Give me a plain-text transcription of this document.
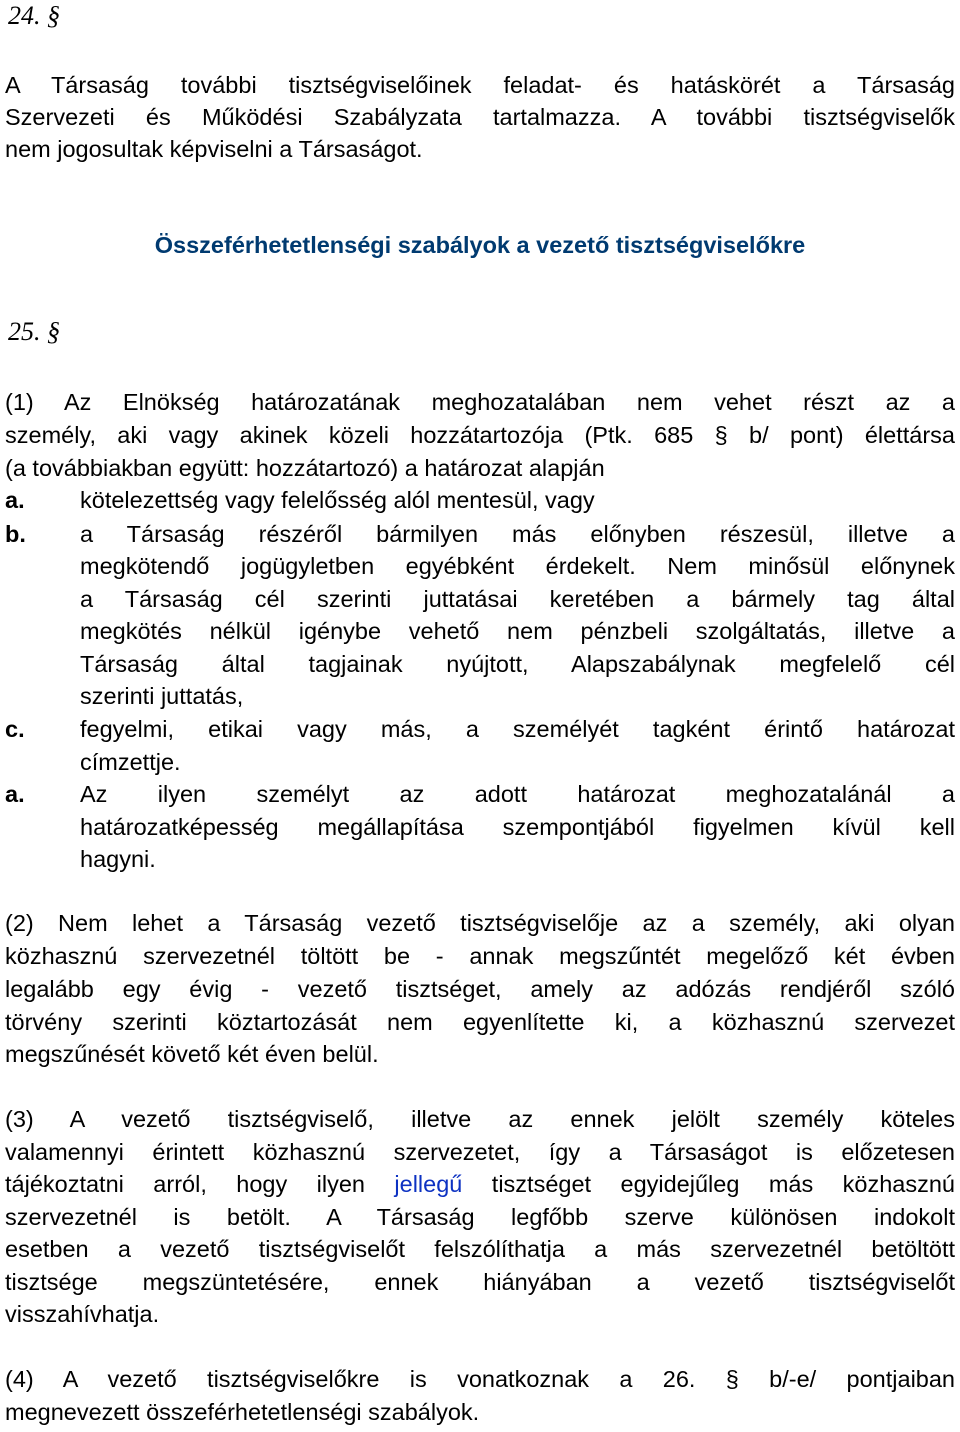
24. §
A Társaság további tisztségviselőinek feladat- és hatáskörét a Társaság
Szervezeti és Működési Szabályzata tartalmazza. A további tisztségviselők
nem jogosultak képviselni a Társaságot.
Összeférhetetlenségi szabályok a vezető tisztségviselőkre
25. §
(1) Az Elnökség határozatának meghozatalában nem vehet részt az a
személy, aki vagy akinek közeli hozzátartozója (Ptk. 685 § b/ pont) élettársa
(a továbbiakban együtt: hozzátartozó) a határozat alapján
a. kötelezettség vagy felelősség alól mentesül, vagy
b. a Társaság részéről bármilyen más előnyben részesül, illetve a
megkötendő jogügyletben egyébként érdekelt. Nem minősül előnynek
a Társaság cél szerinti juttatásai keretében a bármely tag által
megkötés nélkül igénybe vehető nem pénzbeli szolgáltatás, illetve a
Társaság által tagjainak nyújtott, Alapszabálynak megfelelő cél
szerinti juttatás,
c. fegyelmi, etikai vagy más, a személyét tagként érintő határozat
címzettje.
a. Az ilyen személyt az adott határozat meghozatalánál a
határozatképesség megállapítása szempontjából figyelmen kívül kell
hagyni.
(2) Nem lehet a Társaság vezető tisztségviselője az a személy, aki olyan
közhasznú szervezetnél töltött be - annak megszűntét megelőző két évben
legalább egy évig - vezető tisztséget, amely az adózás rendjéről szóló
törvény szerinti köztartozását nem egyenlítette ki, a közhasznú szervezet
megszűnését követő két éven belül.
(3) A vezető tisztségviselő, illetve az ennek jelölt személy köteles
valamennyi érintett közhasznú szervezetet, így a Társaságot is előzetesen
tájékoztatni arról, hogy ilyen jellegű tisztséget egyidejűleg más közhasznú
szervezetnél is betölt. A Társaság legfőbb szerve különösen indokolt
esetben a vezető tisztségviselőt felszólíthatja a más szervezetnél betöltött
tisztsége megszüntetésére, ennek hiányában a vezető tisztségviselőt
visszahívhatja.
(4) A vezető tisztségviselőkre is vonatkoznak a 26. § b/-e/ pontjaiban
megnevezett összeférhetetlenségi szabályok.
